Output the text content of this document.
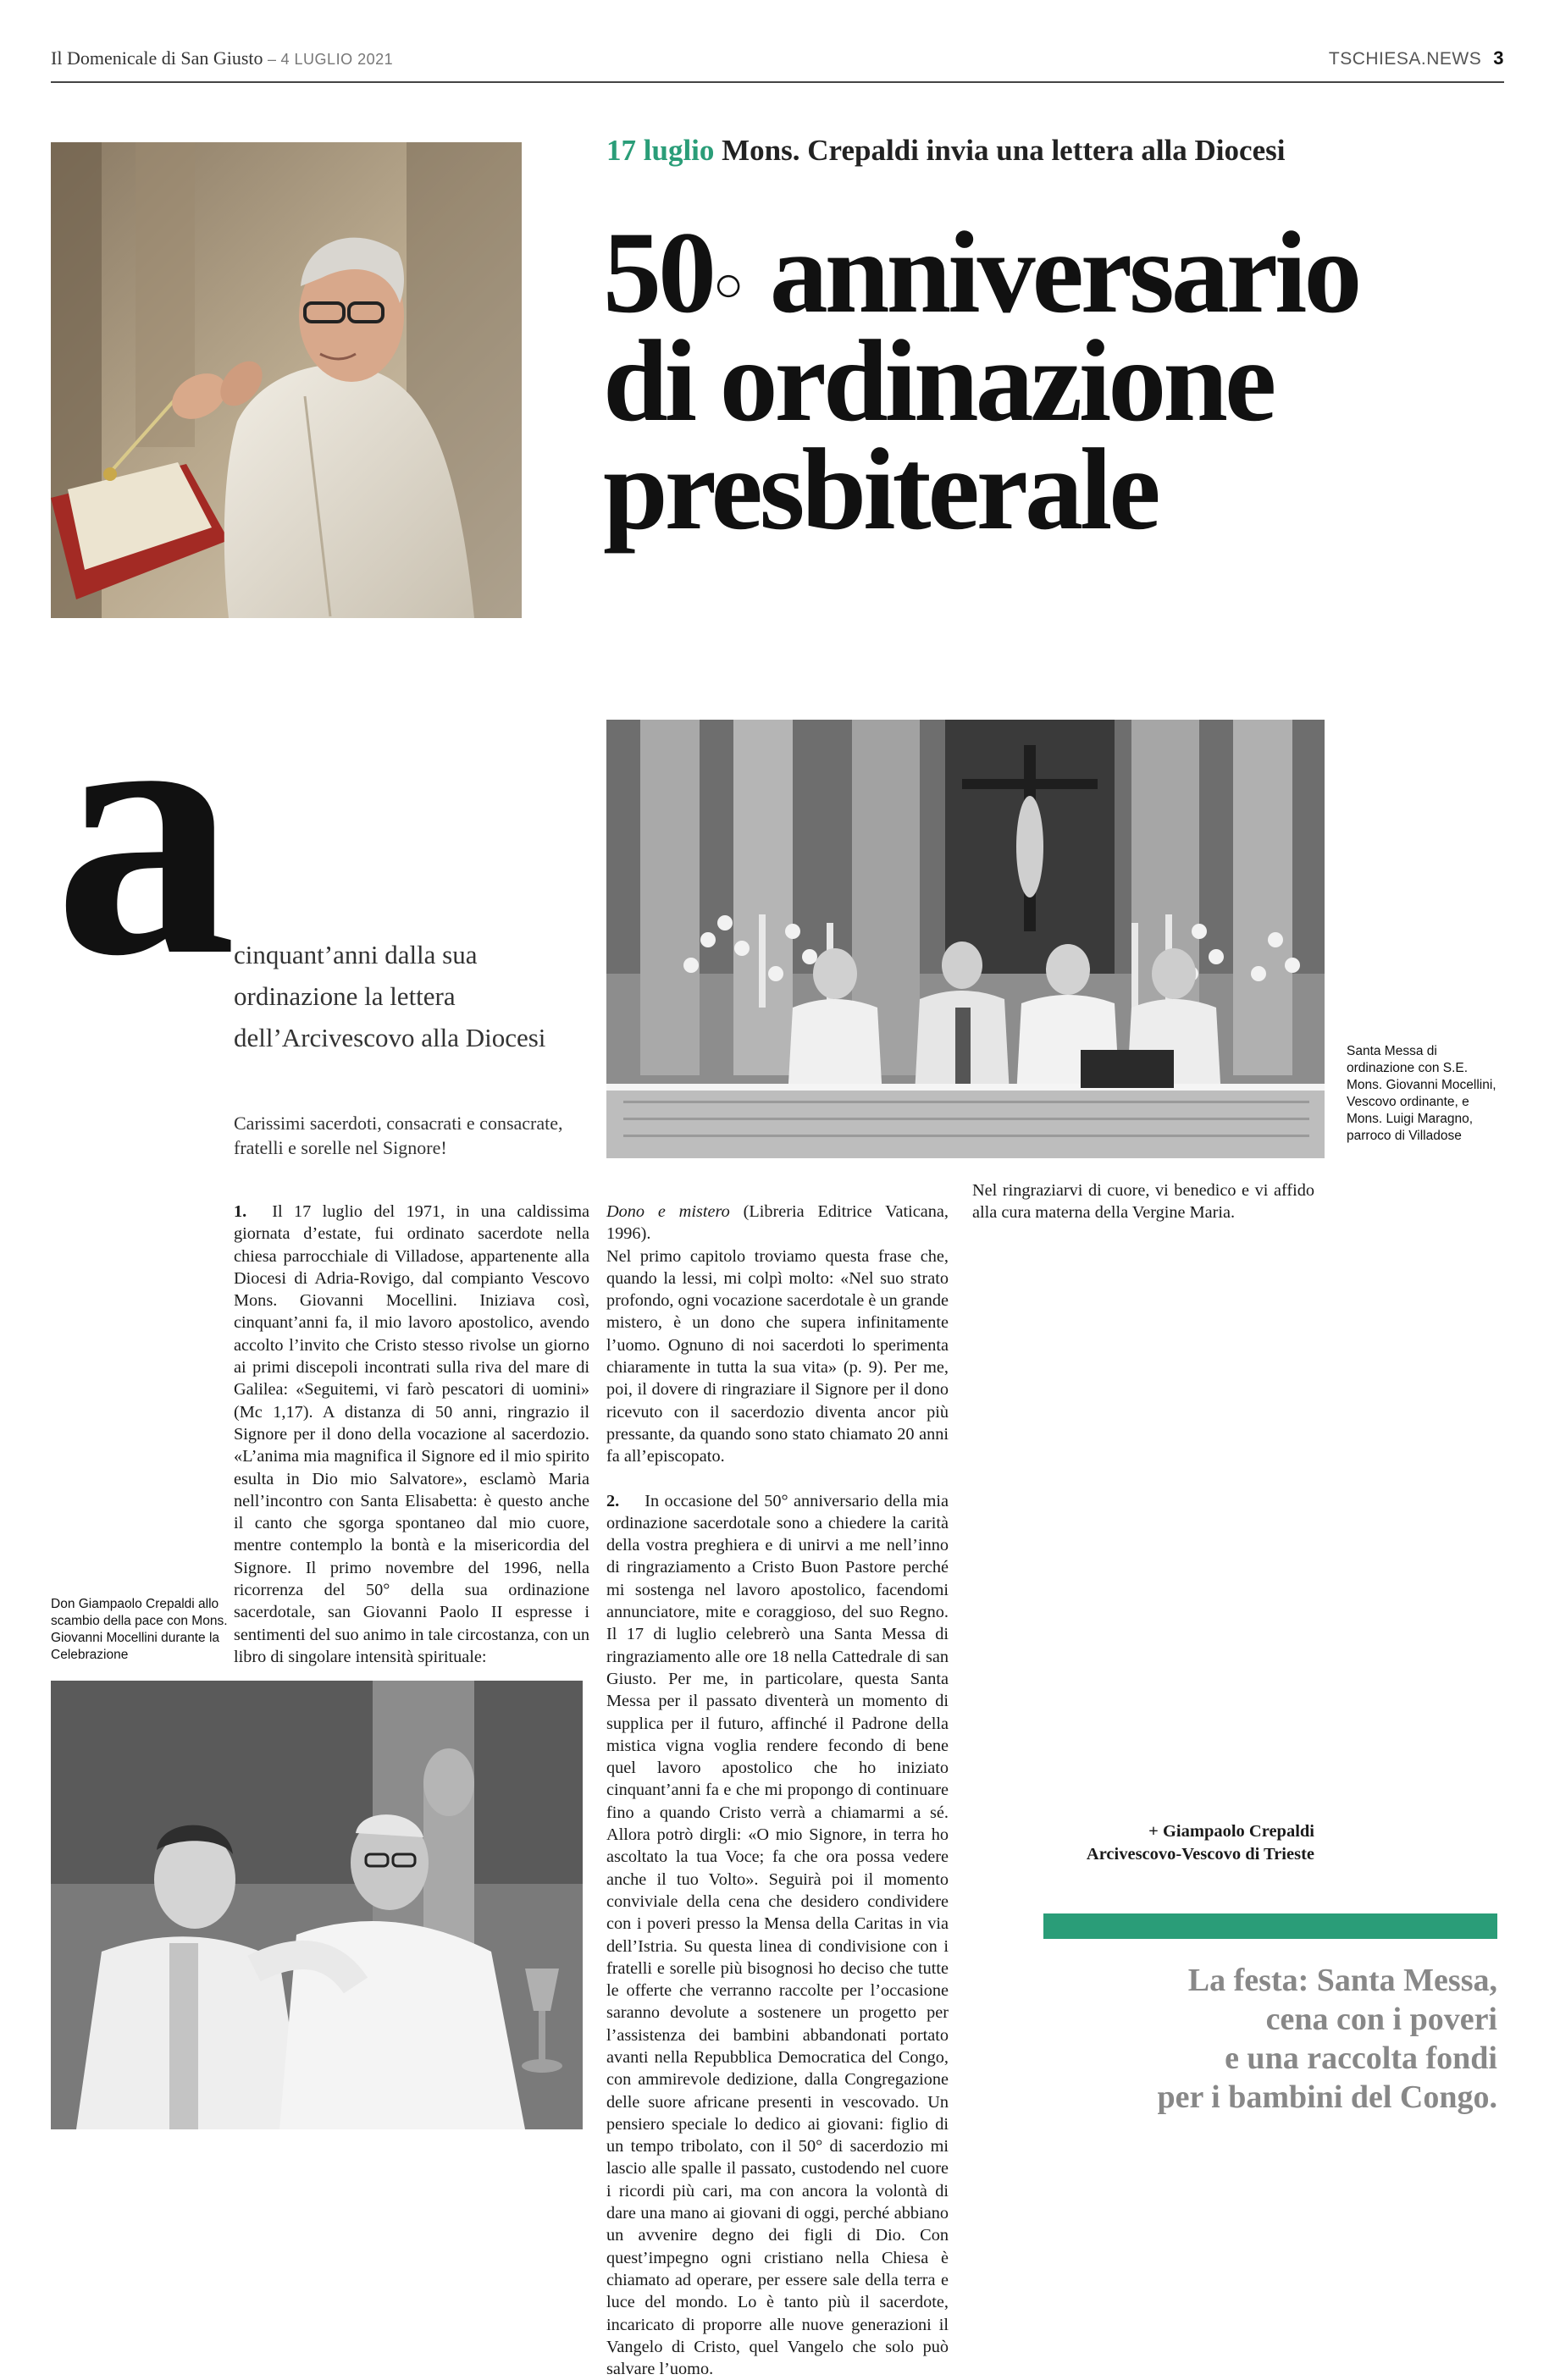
Il Domenicale di San Giusto – 4 LUGLIO 2021	TSCHIESA.NEWS 3
17 luglio Mons. Crepaldi invia una lettera alla Diocesi
50○ anniversario
di ordinazione
presbiterale
a cinquant’anni dalla sua ordinazione la lettera dell’Arcivescovo alla Diocesi
Carissimi sacerdoti, consacrati e consacrate, fratelli e sorelle nel Signore!
Santa Messa di ordinazione con S.E. Mons. Giovanni Mocellini, Vescovo ordinante, e Mons. Luigi Maragno, parroco di Villadose

1. Il 17 luglio del 1971, in una caldissima giornata d’estate, fui ordinato sacerdote nella chiesa parrocchiale di Villadose, appartenente alla Diocesi di Adria-Rovigo, dal compianto Vescovo Mons. Giovanni Mocellini. Iniziava così, cinquant’anni fa, il mio lavoro apostolico, avendo accolto l’invito che Cristo stesso rivolse un giorno ai primi discepoli incontrati sulla riva del mare di Galilea: «Seguitemi, vi farò pescatori di uomini» (Mc 1,17). A distanza di 50 anni, ringrazio il Signore per il dono della vocazione al sacerdozio. «L’anima mia magnifica il Signore ed il mio spirito esulta in Dio mio Salvatore», esclamò Maria nell’incontro con Santa Elisabetta: è questo anche il canto che sgorga spontaneo dal mio cuore, mentre contemplo la bontà e la misericordia del Signore. Il primo novembre del 1996, nella ricorrenza del 50° della sua ordinazione sacerdotale, san Giovanni Paolo II espresse i sentimenti del suo animo in tale circostanza, con un libro di singolare intensità spirituale:

Dono e mistero (Libreria Editrice Vaticana, 1996).

Nel primo capitolo troviamo questa frase che, quando la lessi, mi colpì molto: «Nel suo strato profondo, ogni vocazione sacerdotale è un grande mistero, è un dono che supera infinitamente l’uomo. Ognuno di noi sacerdoti lo sperimenta chiaramente in tutta la sua vita» (p. 9). Per me, poi, il dovere di ringraziare il Signore per il dono ricevuto con il sacerdozio diventa ancor più pressante, da quando sono stato chiamato 20 anni fa all’episcopato.

2. In occasione del 50° anniversario della mia ordinazione sacerdotale sono a chiedere la carità della vostra preghiera e di unirvi a me nell’inno di ringraziamento a Cristo Buon Pastore perché mi sostenga nel lavoro apostolico, facendomi annunciatore, mite e coraggioso, del suo Regno. Il 17 di luglio celebrerò una Santa Messa di ringraziamento alle ore 18 nella Cattedrale di san Giusto. Per me, in particolare, questa Santa Messa per il passato diventerà un momento di supplica per il futuro, affinché il Padrone della mistica vigna voglia rendere fecondo di bene quel lavoro apostolico che ho iniziato cinquant’anni fa e che mi propongo di continuare fino a quando Cristo verrà a chiamarmi a sé. Allora potrò dirgli: «O mio Signore, in terra ho ascoltato la tua Voce; fa che ora possa vedere anche il tuo Volto». Seguirà poi il momento conviviale della cena che desidero condividere con i poveri presso la Mensa della Caritas in via dell’Istria. Su questa linea di condivisione con i fratelli e sorelle più bisognosi ho deciso che tutte le offerte che verranno raccolte per l’occasione saranno devolute a sostenere un progetto per l’assistenza dei bambini abbandonati portato avanti nella Repubblica Democratica del Congo, con ammirevole dedizione, dalla Congregazione delle suore africane presenti in vescovado. Un pensiero speciale lo dedico ai giovani: figlio di un tempo tribolato, con il 50° di sacerdozio mi lascio alle spalle il passato, custodendo nel cuore i ricordi più cari, ma con ancora la volontà di dare una mano ai giovani di oggi, perché abbiano un avvenire degno dei figli di Dio. Con quest’impegno ogni cristiano nella Chiesa è chiamato ad operare, per essere sale della terra e luce del mondo. Lo è tanto più il sacerdote, incaricato di proporre alle nuove generazioni il Vangelo di Cristo, quel Vangelo che solo può salvare l’uomo.

Nel ringraziarvi di cuore, vi benedico e vi affido alla cura materna della Vergine Maria.

+ Giampaolo Crepaldi
Arcivescovo-Vescovo di Trieste
Don Giampaolo Crepaldi allo scambio della pace con Mons. Giovanni Mocellini durante la Celebrazione
La festa: Santa Messa,
cena con i poveri
e una raccolta fondi
per i bambini del Congo.
